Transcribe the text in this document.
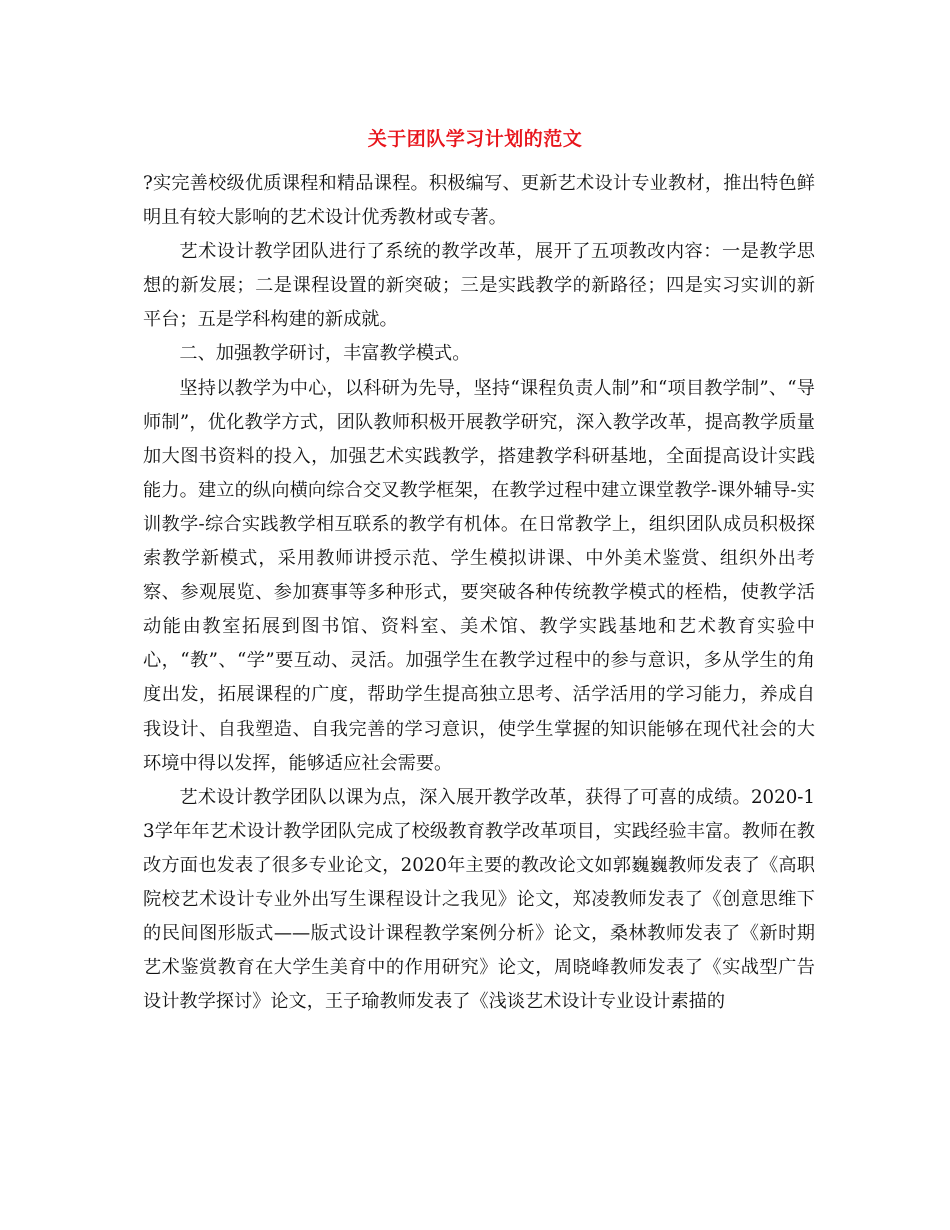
关于团队学习计划的范文

?实完善校级优质课程和精品课程。积极编写、更新艺术设计专业教材，推出特色鲜明且有较大影响的艺术设计优秀教材或专著。

艺术设计教学团队进行了系统的教学改革，展开了五项教改内容：一是教学思想的新发展；二是课程设置的新突破；三是实践教学的新路径；四是实习实训的新平台；五是学科构建的新成就。

二、加强教学研讨，丰富教学模式。

坚持以教学为中心，以科研为先导，坚持“课程负责人制”和“项目教学制”、“导师制”，优化教学方式，团队教师积极开展教学研究，深入教学改革，提高教学质量加大图书资料的投入，加强艺术实践教学，搭建教学科研基地，全面提高设计实践能力。建立的纵向横向综合交叉教学框架，在教学过程中建立课堂教学-课外辅导-实训教学-综合实践教学相互联系的教学有机体。在日常教学上，组织团队成员积极探索教学新模式，采用教师讲授示范、学生模拟讲课、中外美术鉴赏、组织外出考察、参观展览、参加赛事等多种形式，要突破各种传统教学模式的桎梏，使教学活动能由教室拓展到图书馆、资料室、美术馆、教学实践基地和艺术教育实验中心，“教”、“学”要互动、灵活。加强学生在教学过程中的参与意识，多从学生的角度出发，拓展课程的广度，帮助学生提高独立思考、活学活用的学习能力，养成自我设计、自我塑造、自我完善的学习意识，使学生掌握的知识能够在现代社会的大环境中得以发挥，能够适应社会需要。

艺术设计教学团队以课为点，深入展开教学改革，获得了可喜的成绩。2020-13学年年艺术设计教学团队完成了校级教育教学改革项目，实践经验丰富。教师在教改方面也发表了很多专业论文，2020年主要的教改论文如郭巍巍教师发表了《高职院校艺术设计专业外出写生课程设计之我见》论文，郑凌教师发表了《创意思维下的民间图形版式——版式设计课程教学案例分析》论文，桑林教师发表了《新时期艺术鉴赏教育在大学生美育中的作用研究》论文，周晓峰教师发表了《实战型广告设计教学探讨》论文，王子瑜教师发表了《浅谈艺术设计专业设计素描的
